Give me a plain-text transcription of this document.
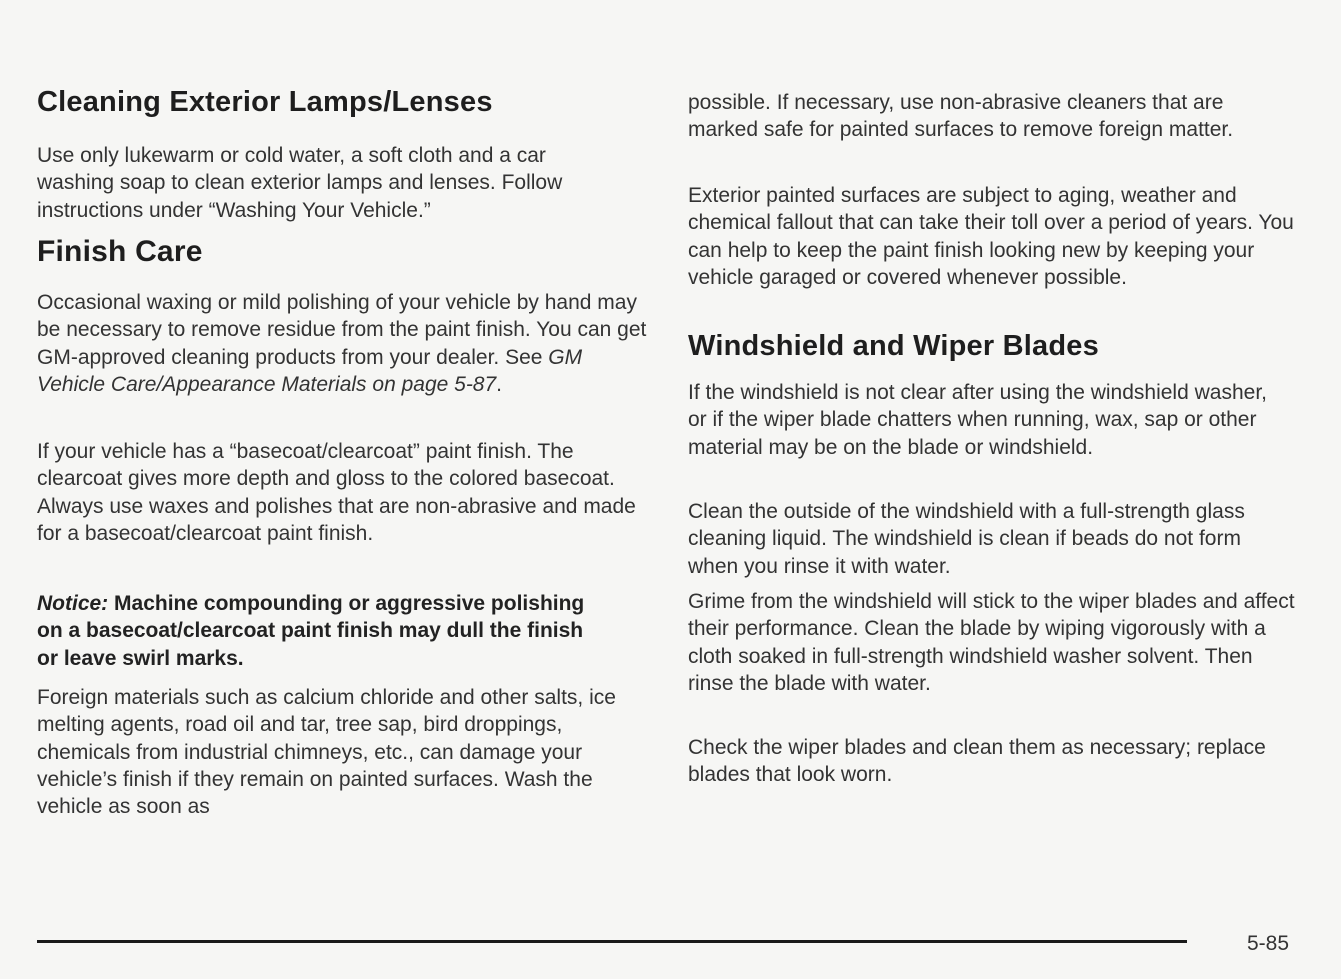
Cleaning Exterior Lamps/Lenses

Use only lukewarm or cold water, a soft cloth and a car washing soap to clean exterior lamps and lenses. Follow instructions under “Washing Your Vehicle.”

Finish Care

Occasional waxing or mild polishing of your vehicle by hand may be necessary to remove residue from the paint finish. You can get GM-approved cleaning products from your dealer. See GM Vehicle Care/Appearance Materials on page 5-87.

If your vehicle has a “basecoat/clearcoat” paint finish. The clearcoat gives more depth and gloss to the colored basecoat. Always use waxes and polishes that are non-abrasive and made for a basecoat/clearcoat paint finish.

Notice: Machine compounding or aggressive polishing on a basecoat/clearcoat paint finish may dull the finish or leave swirl marks.

Foreign materials such as calcium chloride and other salts, ice melting agents, road oil and tar, tree sap, bird droppings, chemicals from industrial chimneys, etc., can damage your vehicle’s finish if they remain on painted surfaces. Wash the vehicle as soon as

possible. If necessary, use non-abrasive cleaners that are marked safe for painted surfaces to remove foreign matter.

Exterior painted surfaces are subject to aging, weather and chemical fallout that can take their toll over a period of years. You can help to keep the paint finish looking new by keeping your vehicle garaged or covered whenever possible.

Windshield and Wiper Blades

If the windshield is not clear after using the windshield washer, or if the wiper blade chatters when running, wax, sap or other material may be on the blade or windshield.

Clean the outside of the windshield with a full-strength glass cleaning liquid. The windshield is clean if beads do not form when you rinse it with water.

Grime from the windshield will stick to the wiper blades and affect their performance. Clean the blade by wiping vigorously with a cloth soaked in full-strength windshield washer solvent. Then rinse the blade with water.

Check the wiper blades and clean them as necessary; replace blades that look worn.

5-85
